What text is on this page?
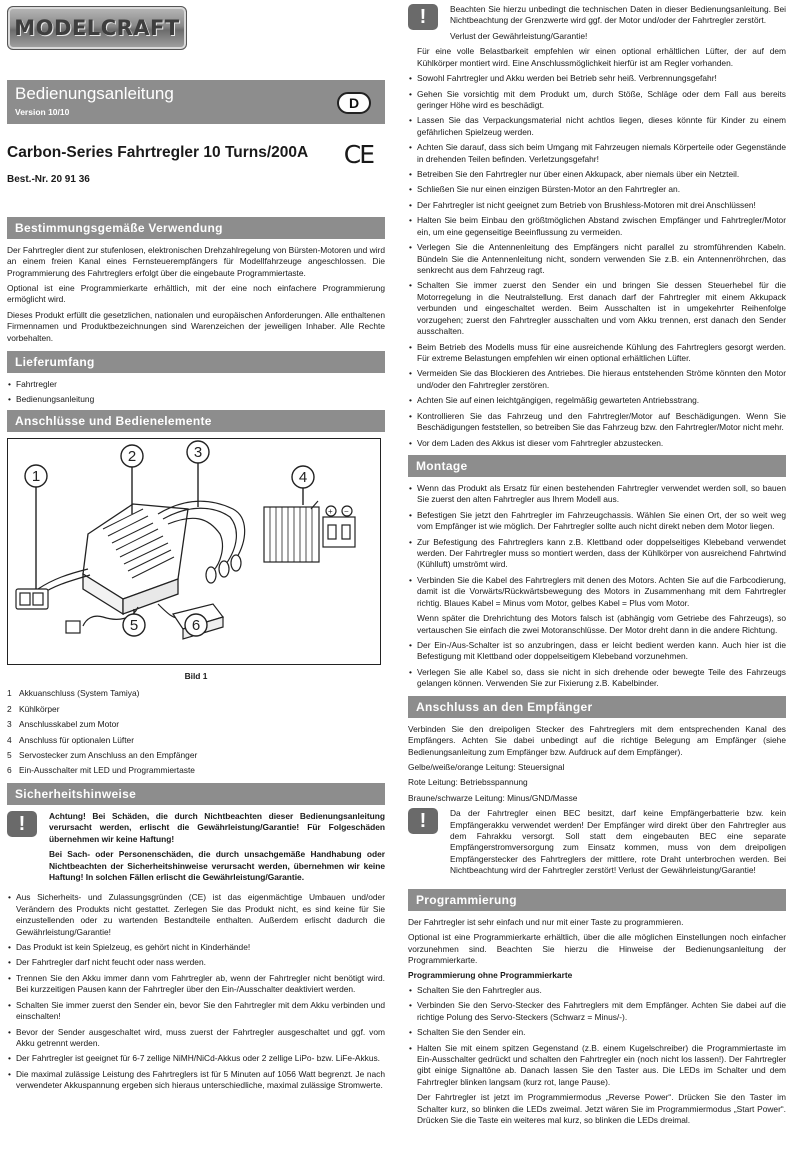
MODELCRAFT
Bedienungsanleitung
Version 10/10
D
Carbon-Series Fahrtregler 10 Turns/200A CE
Best.-Nr. 20 91 36
Bestimmungsgemäße Verwendung

Der Fahrtregler dient zur stufenlosen, elektronischen Drehzahlregelung von Bürsten-Motoren und wird an einem freien Kanal eines Fernsteuerempfängers für Modellfahrzeuge angeschlossen. Die Programmierung des Fahrtreglers erfolgt über die eingebaute Programmiertaste.

Optional ist eine Programmierkarte erhältlich, mit der eine noch einfachere Programmierung ermöglicht wird.

Dieses Produkt erfüllt die gesetzlichen, nationalen und europäischen Anforderungen. Alle enthaltenen Firmennamen und Produktbezeichnungen sind Warenzeichen der jeweiligen Inhaber. Alle Rechte vorbehalten.

Lieferumfang
• Fahrtregler
• Bedienungsanleitung
Anschlüsse und Bedienelemente
+ −
1
2	3
4
5	6
Bild 1
1 Akkuanschluss (System Tamiya)
2 Kühlkörper
3 Anschlusskabel zum Motor
4 Anschluss für optionalen Lüfter
5 Servostecker zum Anschluss an den Empfänger
6 Ein-Ausschalter mit LED und Programmiertaste
Sicherheitshinweise
!	Achtung! Bei Schäden, die durch Nichtbeachten dieser Bedienungsanleitung verursacht werden, erlischt die Gewährleistung/Garantie! Für Folgeschäden übernehmen wir keine Haftung!

Bei Sach- oder Personenschäden, die durch unsachgemäße Handhabung oder Nichtbeachten der Sicherheitshinweise verursacht werden, übernehmen wir keine Haftung! In solchen Fällen erlischt die Gewährleistung/Garantie.

• Aus Sicherheits- und Zulassungsgründen (CE) ist das eigenmächtige Umbauen und/oder Verändern des Produkts nicht gestattet. Zerlegen Sie das Produkt nicht, es sind keine für Sie einzustellenden oder zu wartenden Bestandteile enthalten. Außerdem erlischt dadurch die Gewährleistung/Garantie!
• Das Produkt ist kein Spielzeug, es gehört nicht in Kinderhände!
• Der Fahrtregler darf nicht feucht oder nass werden.
• Trennen Sie den Akku immer dann vom Fahrtregler ab, wenn der Fahrtregler nicht benötigt wird. Bei kurzzeitigen Pausen kann der Fahrtregler über den Ein-/Ausschalter deaktiviert werden.
• Schalten Sie immer zuerst den Sender ein, bevor Sie den Fahrtregler mit dem Akku verbinden und einschalten!
• Bevor der Sender ausgeschaltet wird, muss zuerst der Fahrtregler ausgeschaltet und ggf. vom Akku getrennt werden.
• Der Fahrtregler ist geeignet für 6-7 zellige NiMH/NiCd-Akkus oder 2 zellige LiPo- bzw. LiFe-Akkus.
• Die maximal zulässige Leistung des Fahrtreglers ist für 5 Minuten auf 1056 Watt begrenzt. Je nach verwendeter Akkuspannung ergeben sich hieraus unterschiedliche, maximal zulässige Stromwerte.
!	Beachten Sie hierzu unbedingt die technischen Daten in dieser Bedienungsanleitung. Bei Nichtbeachtung der Grenzwerte wird ggf. der Motor und/oder der Fahrtregler zerstört.

Verlust der Gewährleistung/Garantie!

Für eine volle Belastbarkeit empfehlen wir einen optional erhältlichen Lüfter, der auf dem Kühlkörper montiert wird. Eine Anschlussmöglichkeit hierfür ist am Regler vorhanden.

• Sowohl Fahrtregler und Akku werden bei Betrieb sehr heiß. Verbrennungsgefahr!
• Gehen Sie vorsichtig mit dem Produkt um, durch Stöße, Schläge oder dem Fall aus bereits geringer Höhe wird es beschädigt.
• Lassen Sie das Verpackungsmaterial nicht achtlos liegen, dieses könnte für Kinder zu einem gefährlichen Spielzeug werden.
• Achten Sie darauf, dass sich beim Umgang mit Fahrzeugen niemals Körperteile oder Gegenstände in drehenden Teilen befinden. Verletzungsgefahr!
• Betreiben Sie den Fahrtregler nur über einen Akkupack, aber niemals über ein Netzteil.
• Schließen Sie nur einen einzigen Bürsten-Motor an den Fahrtregler an.
• Der Fahrtregler ist nicht geeignet zum Betrieb von Brushless-Motoren mit drei Anschlüssen!
• Halten Sie beim Einbau den größtmöglichen Abstand zwischen Empfänger und Fahrtregler/Motor ein, um eine gegenseitige Beeinflussung zu vermeiden.
• Verlegen Sie die Antennenleitung des Empfängers nicht parallel zu stromführenden Kabeln. Bündeln Sie die Antennenleitung nicht, sondern verwenden Sie z.B. ein Antennenröhrchen, das senkrecht aus dem Fahrzeug ragt.
• Schalten Sie immer zuerst den Sender ein und bringen Sie dessen Steuerhebel für die Motorregelung in die Neutralstellung. Erst danach darf der Fahrtregler mit einem Akkupack verbunden und eingeschaltet werden. Beim Ausschalten ist in umgekehrter Reihenfolge vorzugehen; zuerst den Fahrtregler ausschalten und vom Akku trennen, erst danach den Sender ausschalten.
• Beim Betrieb des Modells muss für eine ausreichende Kühlung des Fahrtreglers gesorgt werden. Für extreme Belastungen empfehlen wir einen optional erhältlichen Lüfter.
• Vermeiden Sie das Blockieren des Antriebes. Die hieraus entstehenden Ströme könnten den Motor und/oder den Fahrtregler zerstören.
• Achten Sie auf einen leichtgängigen, regelmäßig gewarteten Antriebsstrang.
• Kontrollieren Sie das Fahrzeug und den Fahrtregler/Motor auf Beschädigungen. Wenn Sie Beschädigungen feststellen, so betreiben Sie das Fahrzeug bzw. den Fahrtregler/Motor nicht mehr.
• Vor dem Laden des Akkus ist dieser vom Fahrtregler abzustecken.
Montage
• Wenn das Produkt als Ersatz für einen bestehenden Fahrtregler verwendet werden soll, so bauen Sie zuerst den alten Fahrtregler aus Ihrem Modell aus.
• Befestigen Sie jetzt den Fahrtregler im Fahrzeugchassis. Wählen Sie einen Ort, der so weit weg vom Empfänger ist wie möglich. Der Fahrtregler sollte auch nicht direkt neben dem Motor liegen.
• Zur Befestigung des Fahrtreglers kann z.B. Klettband oder doppelseitiges Klebeband verwendet werden. Der Fahrtregler muss so montiert werden, dass der Kühlkörper von ausreichend Fahrtwind (Kühlluft) umströmt wird.
• Verbinden Sie die Kabel des Fahrtreglers mit denen des Motors. Achten Sie auf die Farbcodierung, damit ist die Vorwärts/Rückwärtsbewegung des Motors in Zusammenhang mit dem Fahrtregler richtig. Blaues Kabel = Minus vom Motor, gelbes Kabel = Plus vom Motor.

Wenn später die Drehrichtung des Motors falsch ist (abhängig vom Getriebe des Fahrzeugs), so vertauschen Sie einfach die zwei Motoranschlüsse. Der Motor dreht dann in die andere Richtung.

• Der Ein-/Aus-Schalter ist so anzubringen, dass er leicht bedient werden kann. Auch hier ist die Befestigung mit Klettband oder doppelseitigem Klebeband vorzunehmen.
• Verlegen Sie alle Kabel so, dass sie nicht in sich drehende oder bewegte Teile des Fahrzeugs gelangen können. Verwenden Sie zur Fixierung z.B. Kabelbinder.
Anschluss an den Empfänger

Verbinden Sie den dreipoligen Stecker des Fahrtreglers mit dem entsprechenden Kanal des Empfängers. Achten Sie dabei unbedingt auf die richtige Belegung am Empfänger (siehe Bedienungsanleitung zum Empfänger bzw. Aufdruck auf dem Empfänger).

Gelbe/weiße/orange Leitung: Steuersignal

Rote Leitung: Betriebsspannung

Braune/schwarze Leitung: Minus/GND/Masse

!	Da der Fahrtregler einen BEC besitzt, darf keine Empfängerbatterie bzw. kein Empfängerakku verwendet werden! Der Empfänger wird direkt über den Fahrtregler aus dem Fahrakku versorgt. Soll statt dem eingebauten BEC eine separate Empfängerstromversorgung zum Einsatz kommen, muss von dem dreipoligen Empfängerstecker des Fahrtreglers der mittlere, rote Draht unterbrochen werden. Bei Nichtbeachtung wird der Fahrtregler zerstört! Verlust der Gewährleistung/Garantie!

Programmierung

Der Fahrtregler ist sehr einfach und nur mit einer Taste zu programmieren.

Optional ist eine Programmierkarte erhältlich, über die alle möglichen Einstellungen noch einfacher vorzunehmen sind. Beachten Sie hierzu die Hinweise der Bedienungsanleitung der Programmierkarte.

Programmierung ohne Programmierkarte
• Schalten Sie den Fahrtregler aus.
• Verbinden Sie den Servo-Stecker des Fahrtreglers mit dem Empfänger. Achten Sie dabei auf die richtige Polung des Servo-Steckers (Schwarz = Minus/-).
• Schalten Sie den Sender ein.
• Halten Sie mit einem spitzen Gegenstand (z.B. einem Kugelschreiber) die Programmiertaste im Ein-Ausschalter gedrückt und schalten den Fahrtregler ein (noch nicht los lassen!). Der Fahrtregler gibt einige Signaltöne ab. Danach lassen Sie den Taster aus. Die LEDs im Schalter und dem Fahrtregler blinken langsam (kurz rot, lange Pause).

Der Fahrtregler ist jetzt im Programmiermodus „Reverse Power“. Drücken Sie den Taster im Schalter kurz, so blinken die LEDs zweimal. Jetzt wären Sie im Programmiermodus „Start Power“. Drücken Sie die Taste ein weiteres mal kurz, so blinken die LEDs dreimal.
